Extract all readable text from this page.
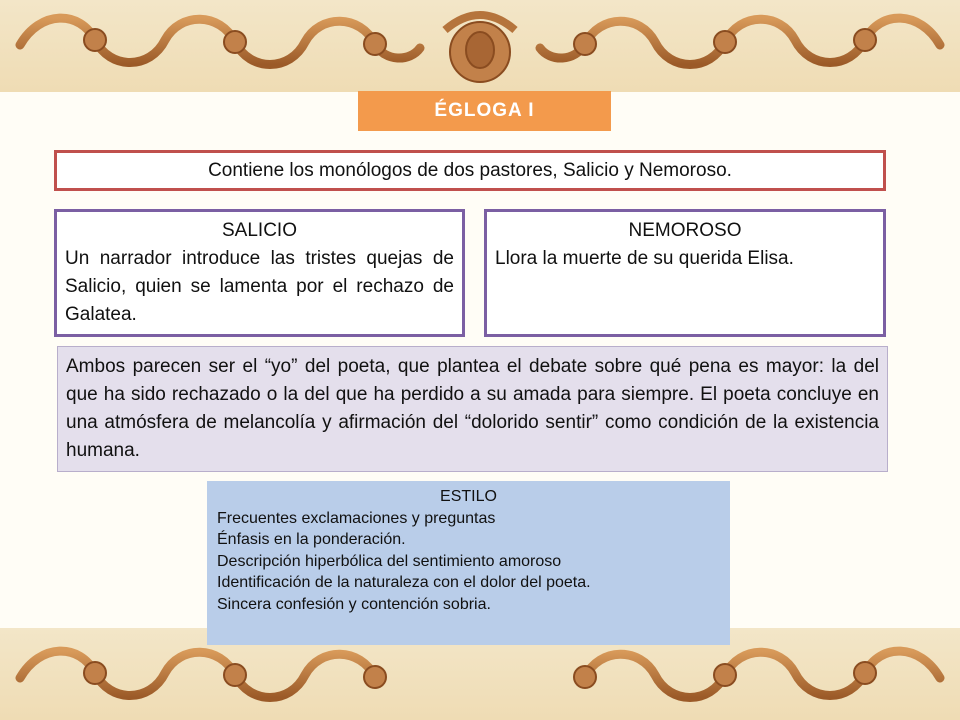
ÉGLOGA I
Contiene los monólogos de dos pastores, Salicio y Nemoroso.
SALICIO
Un narrador introduce las tristes quejas de Salicio, quien se lamenta por el rechazo de Galatea.
NEMOROSO
Llora la muerte de su querida Elisa.
Ambos parecen ser el “yo” del poeta, que plantea el debate sobre qué pena es mayor: la del que ha sido rechazado o la del que ha perdido a su amada para siempre. El poeta concluye en una atmósfera de melancolía y afirmación del “dolorido sentir” como condición de la existencia humana.
ESTILO
Frecuentes exclamaciones y preguntas
Énfasis en la ponderación.
Descripción hiperbólica del sentimiento amoroso
Identificación de la naturaleza con el dolor del poeta.
Sincera confesión y contención sobria.
